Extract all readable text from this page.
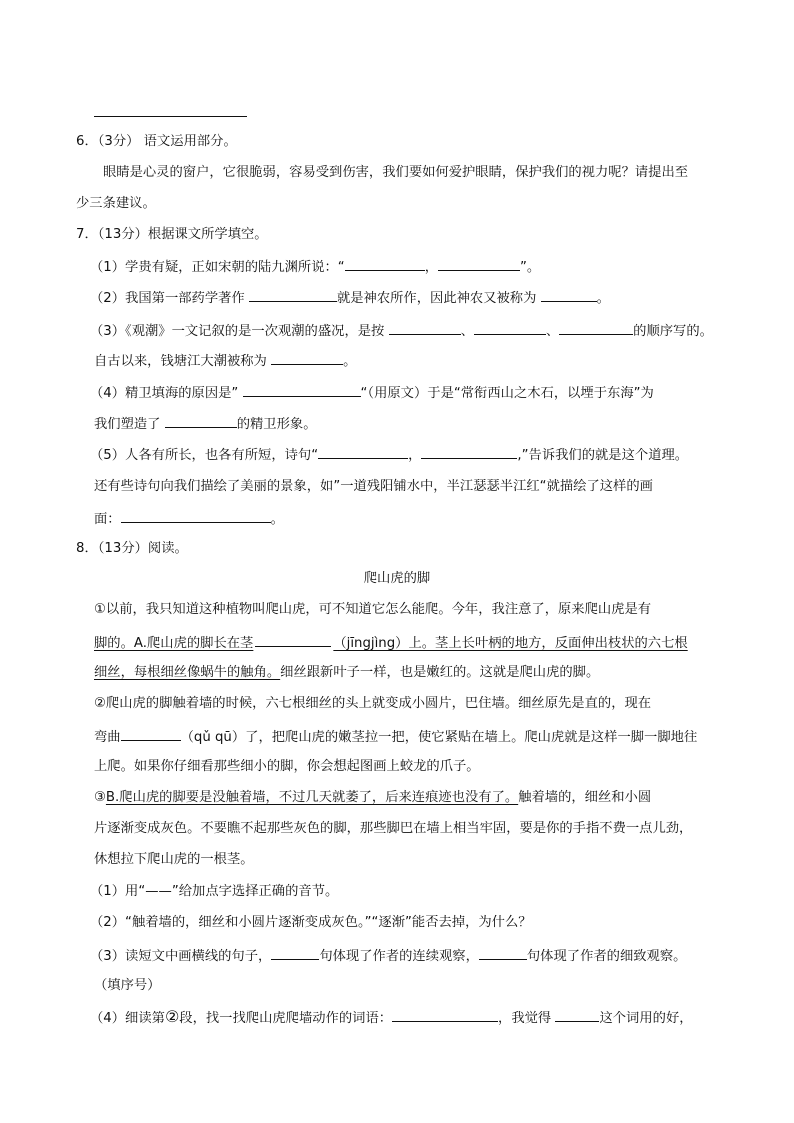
6．（3分） 语文运用部分。
眼睛是心灵的窗户，它很脆弱，容易受到伤害，我们要如何爱护眼睛，保护我们的视力呢？请提出至
少三条建议。
7．（13分）根据课文所学填空。
（1）学贵有疑，正如宋朝的陆九渊所说：“	，	”。
（2）我国第一部药学著作	就是神农所作，因此神农又被称为	。
（3）《观潮》一文记叙的是一次观潮的盛况，是按	、	、	的顺序写的。
自古以来，钱塘江大潮被称为	。
（4）精卫填海的原因是”	“（用原文）于是“常衔西山之木石，以堙于东海”为
我们塑造了	的精卫形象。
（5）人各有所长，也各有所短，诗句“	，	,”告诉我们的就是这个道理。
还有些诗句向我们描绘了美丽的景象，如”一道残阳铺水中，半江瑟瑟半江红“就描绘了这样的画
面：	。
8．（13分）阅读。
爬山虎的脚
①以前，我只知道这种植物叫爬山虎，可不知道它怎么能爬。今年，我注意了，原来爬山虎是有
脚的。A.爬山虎的脚长在茎	（jīngjìng）上。茎上长叶柄的地方，反面伸出枝状的六七根
细丝，每根细丝像蜗牛的触角。细丝跟新叶子一样，也是嫩红的。这就是爬山虎的脚。
②爬山虎的脚触着墙的时候，六七根细丝的头上就变成小圆片，巴住墙。细丝原先是直的，现在
弯曲	（qǔ qū）了，把爬山虎的嫩茎拉一把，使它紧贴在墙上。爬山虎就是这样一脚一脚地往
上爬。如果你仔细看那些细小的脚，你会想起图画上蛟龙的爪子。
③B.爬山虎的脚要是没触着墙，不过几天就萎了，后来连痕迹也没有了。触着墙的，细丝和小圆
片逐渐变成灰色。不要瞧不起那些灰色的脚，那些脚巴在墙上相当牢固，要是你的手指不费一点儿劲，
休想拉下爬山虎的一根茎。
（1）用“——”给加点字选择正确的音节。
（2）“触着墙的，细丝和小圆片逐渐变成灰色。”“逐渐”能否去掉，为什么？
（3）读短文中画横线的句子，	句体现了作者的连续观察，	句体现了作者的细致观察。
（填序号）
（4）细读第②段，找一找爬山虎爬墙动作的词语：	，我觉得	这个词用的好，
